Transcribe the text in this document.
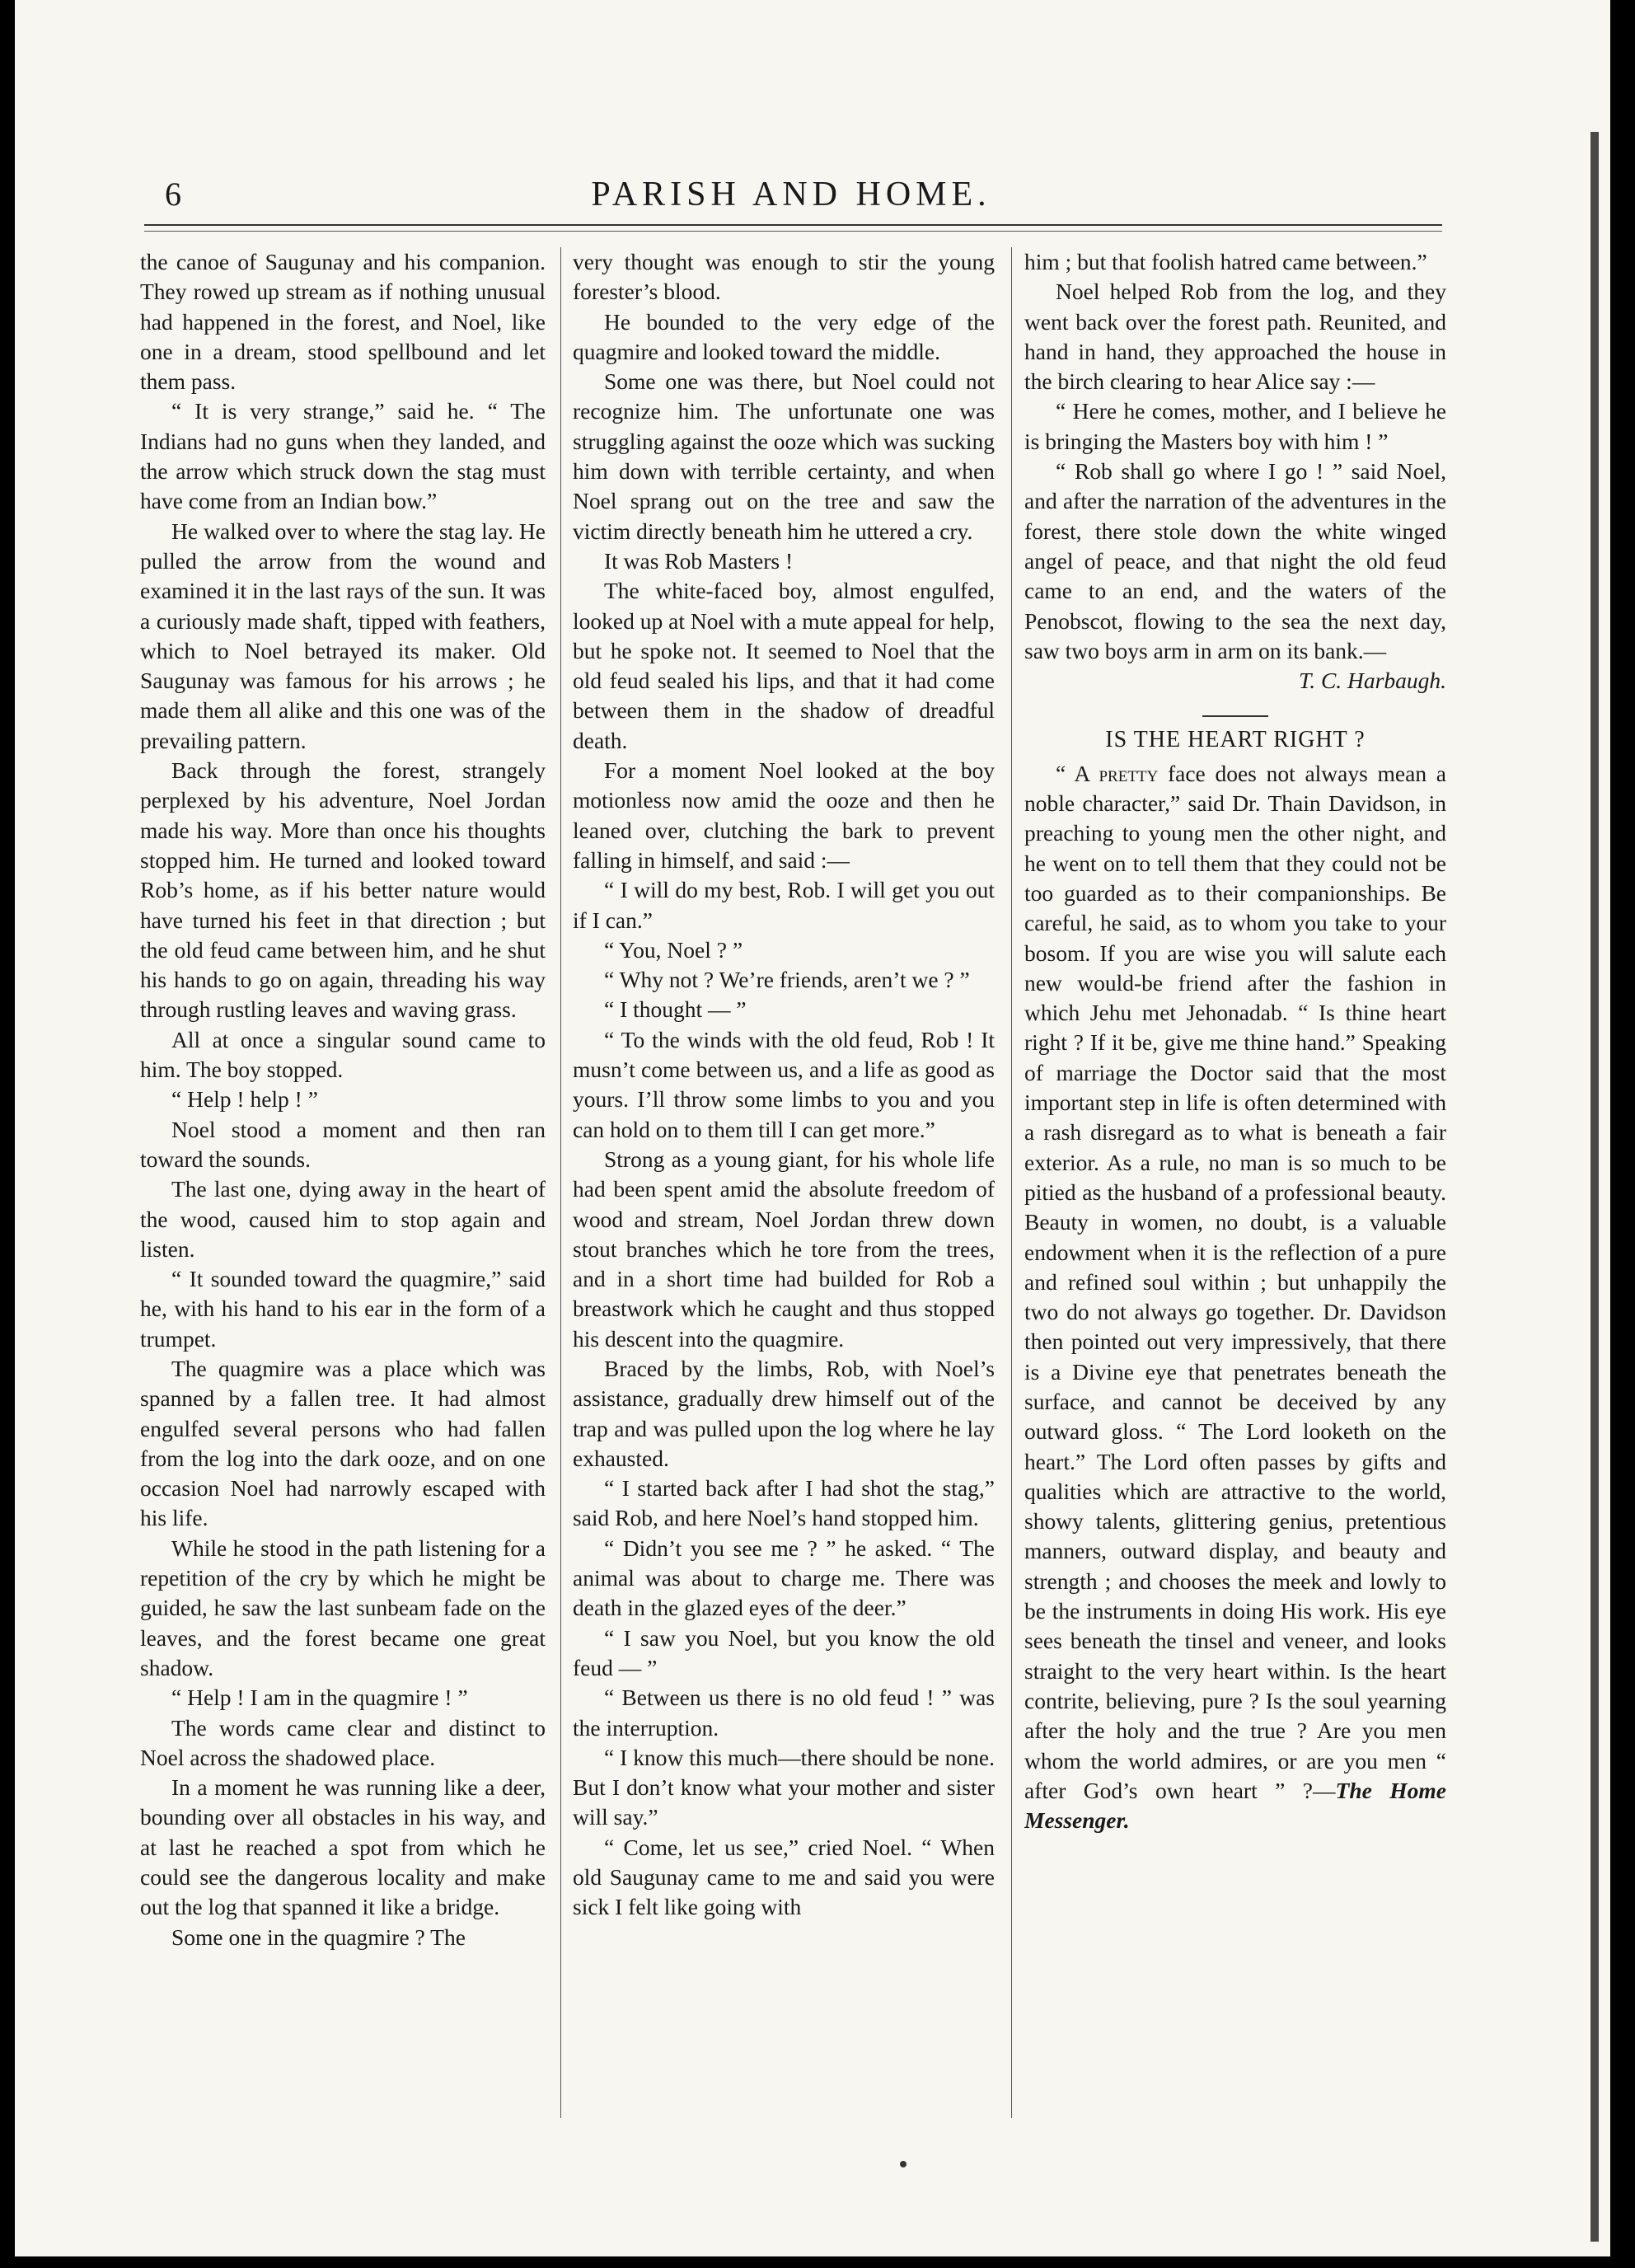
6	PARISH AND HOME.

the canoe of Saugunay and his companion. They rowed up stream as if nothing unusual had happened in the forest, and Noel, like one in a dream, stood spellbound and let them pass.

“ It is very strange,” said he. “ The Indians had no guns when they landed, and the arrow which struck down the stag must have come from an Indian bow.”

He walked over to where the stag lay. He pulled the arrow from the wound and examined it in the last rays of the sun. It was a curiously made shaft, tipped with feathers, which to Noel betrayed its maker. Old Saugunay was famous for his arrows ; he made them all alike and this one was of the prevailing pattern.

Back through the forest, strangely perplexed by his adventure, Noel Jordan made his way. More than once his thoughts stopped him. He turned and looked toward Rob’s home, as if his better nature would have turned his feet in that direction ; but the old feud came between him, and he shut his hands to go on again, threading his way through rustling leaves and waving grass.

All at once a singular sound came to him. The boy stopped.

“ Help ! help ! ”

Noel stood a moment and then ran toward the sounds.

The last one, dying away in the heart of the wood, caused him to stop again and listen.

“ It sounded toward the quagmire,” said he, with his hand to his ear in the form of a trumpet.

The quagmire was a place which was spanned by a fallen tree. It had almost engulfed several persons who had fallen from the log into the dark ooze, and on one occasion Noel had narrowly escaped with his life.

While he stood in the path listening for a repetition of the cry by which he might be guided, he saw the last sunbeam fade on the leaves, and the forest became one great shadow.

“ Help ! I am in the quagmire ! ”

The words came clear and distinct to Noel across the shadowed place.

In a moment he was running like a deer, bounding over all obstacles in his way, and at last he reached a spot from which he could see the dangerous locality and make out the log that spanned it like a bridge.

Some one in the quagmire ? The

very thought was enough to stir the young forester’s blood.

He bounded to the very edge of the quagmire and looked toward the middle.

Some one was there, but Noel could not recognize him. The unfortunate one was struggling against the ooze which was sucking him down with terrible certainty, and when Noel sprang out on the tree and saw the victim directly beneath him he uttered a cry.

It was Rob Masters !

The white-faced boy, almost engulfed, looked up at Noel with a mute appeal for help, but he spoke not. It seemed to Noel that the old feud sealed his lips, and that it had come between them in the shadow of dreadful death.

For a moment Noel looked at the boy motionless now amid the ooze and then he leaned over, clutching the bark to prevent falling in himself, and said :—

“ I will do my best, Rob. I will get you out if I can.”

“ You, Noel ? ”

“ Why not ? We’re friends, aren’t we ? ”

“ I thought — ”

“ To the winds with the old feud, Rob ! It musn’t come between us, and a life as good as yours. I’ll throw some limbs to you and you can hold on to them till I can get more.”

Strong as a young giant, for his whole life had been spent amid the absolute freedom of wood and stream, Noel Jordan threw down stout branches which he tore from the trees, and in a short time had builded for Rob a breastwork which he caught and thus stopped his descent into the quagmire.

Braced by the limbs, Rob, with Noel’s assistance, gradually drew himself out of the trap and was pulled upon the log where he lay exhausted.

“ I started back after I had shot the stag,” said Rob, and here Noel’s hand stopped him.

“ Didn’t you see me ? ” he asked. “ The animal was about to charge me. There was death in the glazed eyes of the deer.”

“ I saw you Noel, but you know the old feud — ”

“ Between us there is no old feud ! ” was the interruption.

“ I know this much—there should be none. But I don’t know what your mother and sister will say.”

“ Come, let us see,” cried Noel. “ When old Saugunay came to me and said you were sick I felt like going with

him ; but that foolish hatred came between.”

Noel helped Rob from the log, and they went back over the forest path. Reunited, and hand in hand, they approached the house in the birch clearing to hear Alice say :—

“ Here he comes, mother, and I believe he is bringing the Masters boy with him ! ”

“ Rob shall go where I go ! ” said Noel, and after the narration of the adventures in the forest, there stole down the white winged angel of peace, and that night the old feud came to an end, and the waters of the Penobscot, flowing to the sea the next day, saw two boys arm in arm on its bank.—

T. C. Harbaugh.

IS THE HEART RIGHT ?

“ A pretty face does not always mean a noble character,” said Dr. Thain Davidson, in preaching to young men the other night, and he went on to tell them that they could not be too guarded as to their companionships. Be careful, he said, as to whom you take to your bosom. If you are wise you will salute each new would-be friend after the fashion in which Jehu met Jehonadab. “ Is thine heart right ? If it be, give me thine hand.” Speaking of marriage the Doctor said that the most important step in life is often determined with a rash disregard as to what is beneath a fair exterior. As a rule, no man is so much to be pitied as the husband of a professional beauty. Beauty in women, no doubt, is a valuable endowment when it is the reflection of a pure and refined soul within ; but unhappily the two do not always go together. Dr. Davidson then pointed out very impressively, that there is a Divine eye that penetrates beneath the surface, and cannot be deceived by any outward gloss. “ The Lord looketh on the heart.” The Lord often passes by gifts and qualities which are attractive to the world, showy talents, glittering genius, pretentious manners, outward display, and beauty and strength ; and chooses the meek and lowly to be the instruments in doing His work. His eye sees beneath the tinsel and veneer, and looks straight to the very heart within. Is the heart contrite, believing, pure ? Is the soul yearning after the holy and the true ? Are you men whom the world admires, or are you men “ after God’s own heart ” ?—The Home Messenger.
